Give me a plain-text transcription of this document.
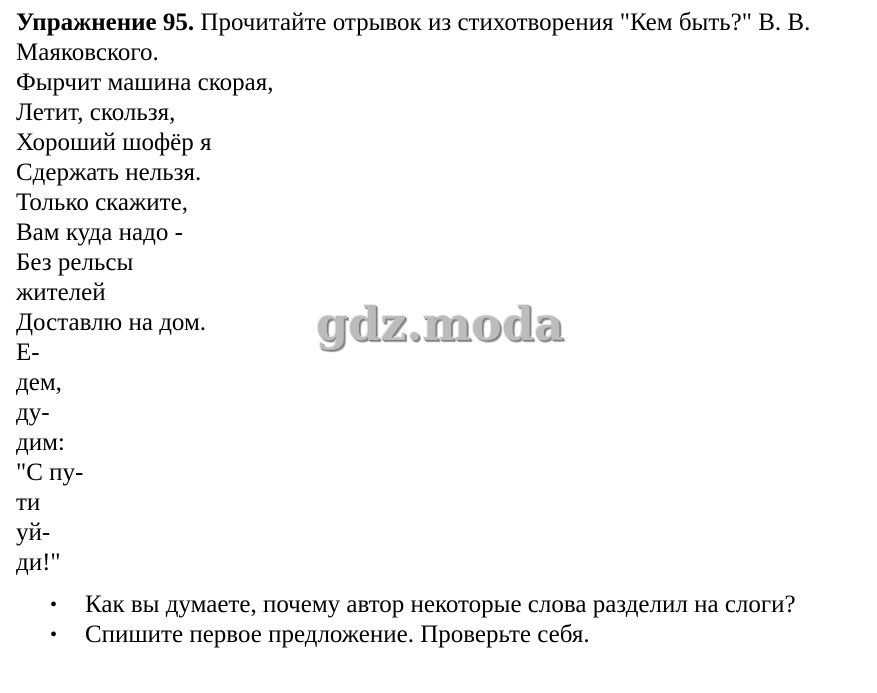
Упражнение 95. Прочитайте отрывок из стихотворения "Кем быть?" В. В. Маяковского.

Фырчит машина скорая,
Летит, скользя,
Хороший шофёр я
Сдержать нельзя.
Только скажите,
Вам куда надо -
Без рельсы
жителей
Доставлю на дом.
Е-
дем,
ду-
дим:
"С пу-
ти
уй-
ди!"
• Как вы думаете, почему автор некоторые слова разделил на слоги?
• Спишите первое предложение. Проверьте себя.
gdz.moda
